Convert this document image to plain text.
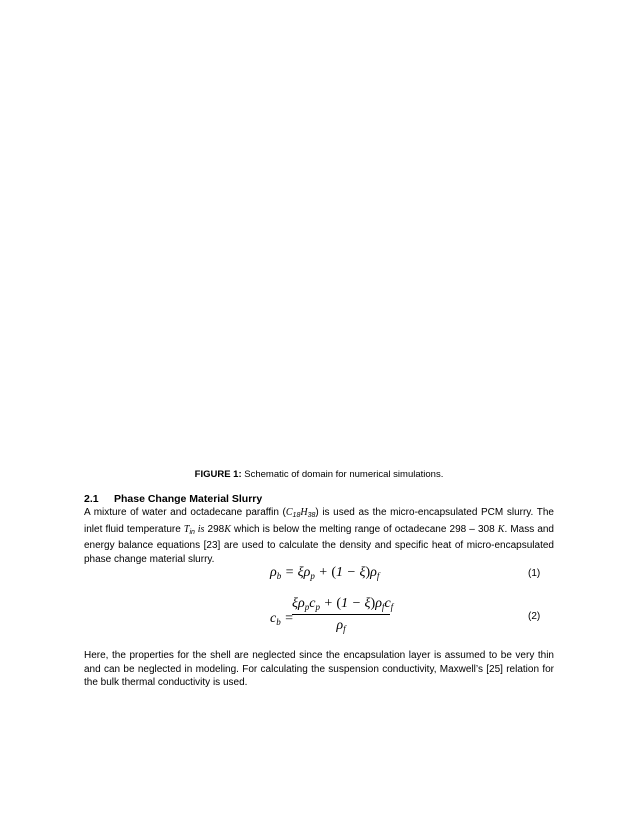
FIGURE 1: Schematic of domain for numerical simulations.
2.1 Phase Change Material Slurry
A mixture of water and octadecane paraffin $(C_{18}H_{38})$ is used as the micro-encapsulated PCM slurry. The inlet fluid temperature $T_{in}$ is 298K which is below the melting range of octadecane 298 – 308 K. Mass and energy balance equations [23] are used to calculate the density and specific heat of micro-encapsulated phase change material slurry.
$\rho_b = \xi\rho_p + (1 - \xi)\rho_f$	(1)
$c_b$ =
$\xi\rho_pc_p + (1 - \xi)\rho_fc_f$
$\rho_f$
(2)
Here, the properties for the shell are neglected since the encapsulation layer is assumed to be very thin and can be neglected in modeling. For calculating the suspension conductivity, Maxwell’s [25] relation for the bulk thermal conductivity is used.
